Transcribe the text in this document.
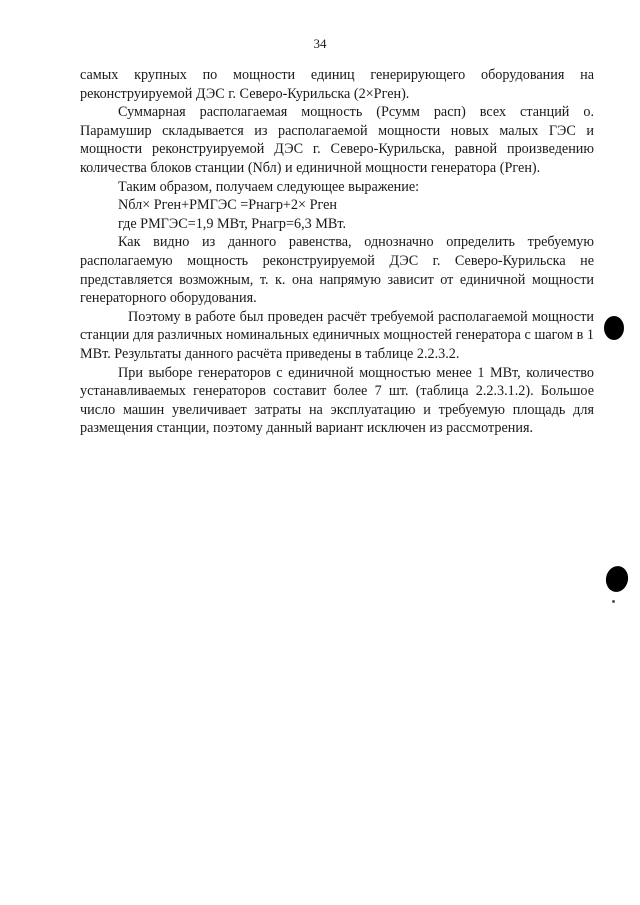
34

самых крупных по мощности единиц генерирующего оборудования на реконструируемой ДЭС г. Северо-Курильска (2×Pген).

Суммарная располагаемая мощность (Pсумм расп) всех станций о. Парамушир складывается из располагаемой мощности новых малых ГЭС и мощности реконструируемой ДЭС г. Северо-Курильска, равной произведению количества блоков станции (Nбл) и единичной мощности генератора (Pген).

Таким образом, получаем следующее выражение:

Nбл× Pген+PМГЭС =Pнагр+2× Pген

где PМГЭС=1,9 МВт, Pнагр=6,3 МВт.

Как видно из данного равенства, однозначно определить требуемую располагаемую мощность реконструируемой ДЭС г. Северо-Курильска не представляется возможным, т. к. она напрямую зависит от единичной мощности генераторного оборудования.

Поэтому в работе был проведен расчёт требуемой располагаемой мощности станции для различных номинальных единичных мощностей генератора с шагом в 1 МВт. Результаты данного расчёта приведены в таблице 2.2.3.2.

При выборе генераторов с единичной мощностью менее 1 МВт, количество устанавливаемых генераторов составит более 7 шт. (таблица 2.2.3.1.2). Большое число машин увеличивает затраты на эксплуатацию и требуемую площадь для размещения станции, поэтому данный вариант исключен из рассмотрения.
